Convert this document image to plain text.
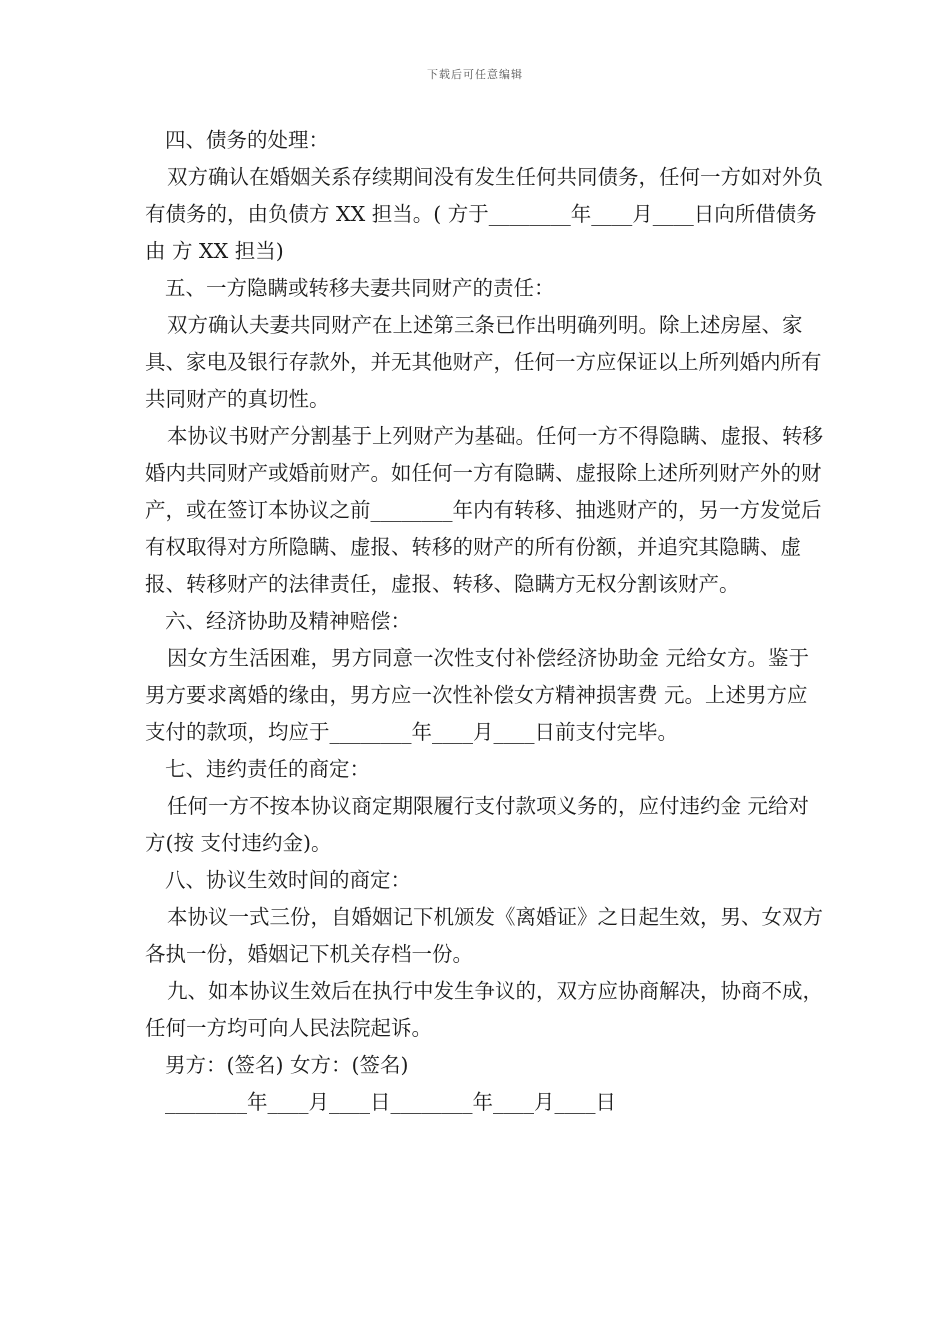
下载后可任意编辑

四、债务的处理：

双方确认在婚姻关系存续期间没有发生任何共同债务，任何一方如对外负有债务的，由负债方 XX 担当。( 方于________年____月____日向所借债务由 方 XX 担当)

五、一方隐瞒或转移夫妻共同财产的责任：

双方确认夫妻共同财产在上述第三条已作出明确列明。除上述房屋、家具、家电及银行存款外，并无其他财产，任何一方应保证以上所列婚内所有共同财产的真切性。

本协议书财产分割基于上列财产为基础。任何一方不得隐瞒、虚报、转移婚内共同财产或婚前财产。如任何一方有隐瞒、虚报除上述所列财产外的财产，或在签订本协议之前________年内有转移、抽逃财产的，另一方发觉后有权取得对方所隐瞒、虚报、转移的财产的所有份额，并追究其隐瞒、虚报、转移财产的法律责任，虚报、转移、隐瞒方无权分割该财产。

六、经济协助及精神赔偿：

因女方生活困难，男方同意一次性支付补偿经济协助金 元给女方。鉴于男方要求离婚的缘由，男方应一次性补偿女方精神损害费 元。上述男方应支付的款项，均应于________年____月____日前支付完毕。

七、违约责任的商定：

任何一方不按本协议商定期限履行支付款项义务的，应付违约金 元给对方(按 支付违约金)。

八、协议生效时间的商定：

本协议一式三份，自婚姻记下机颁发《离婚证》之日起生效，男、女双方各执一份，婚姻记下机关存档一份。

九、如本协议生效后在执行中发生争议的，双方应协商解决，协商不成，任何一方均可向人民法院起诉。

男方：(签名) 女方：(签名)

________年____月____日________年____月____日
